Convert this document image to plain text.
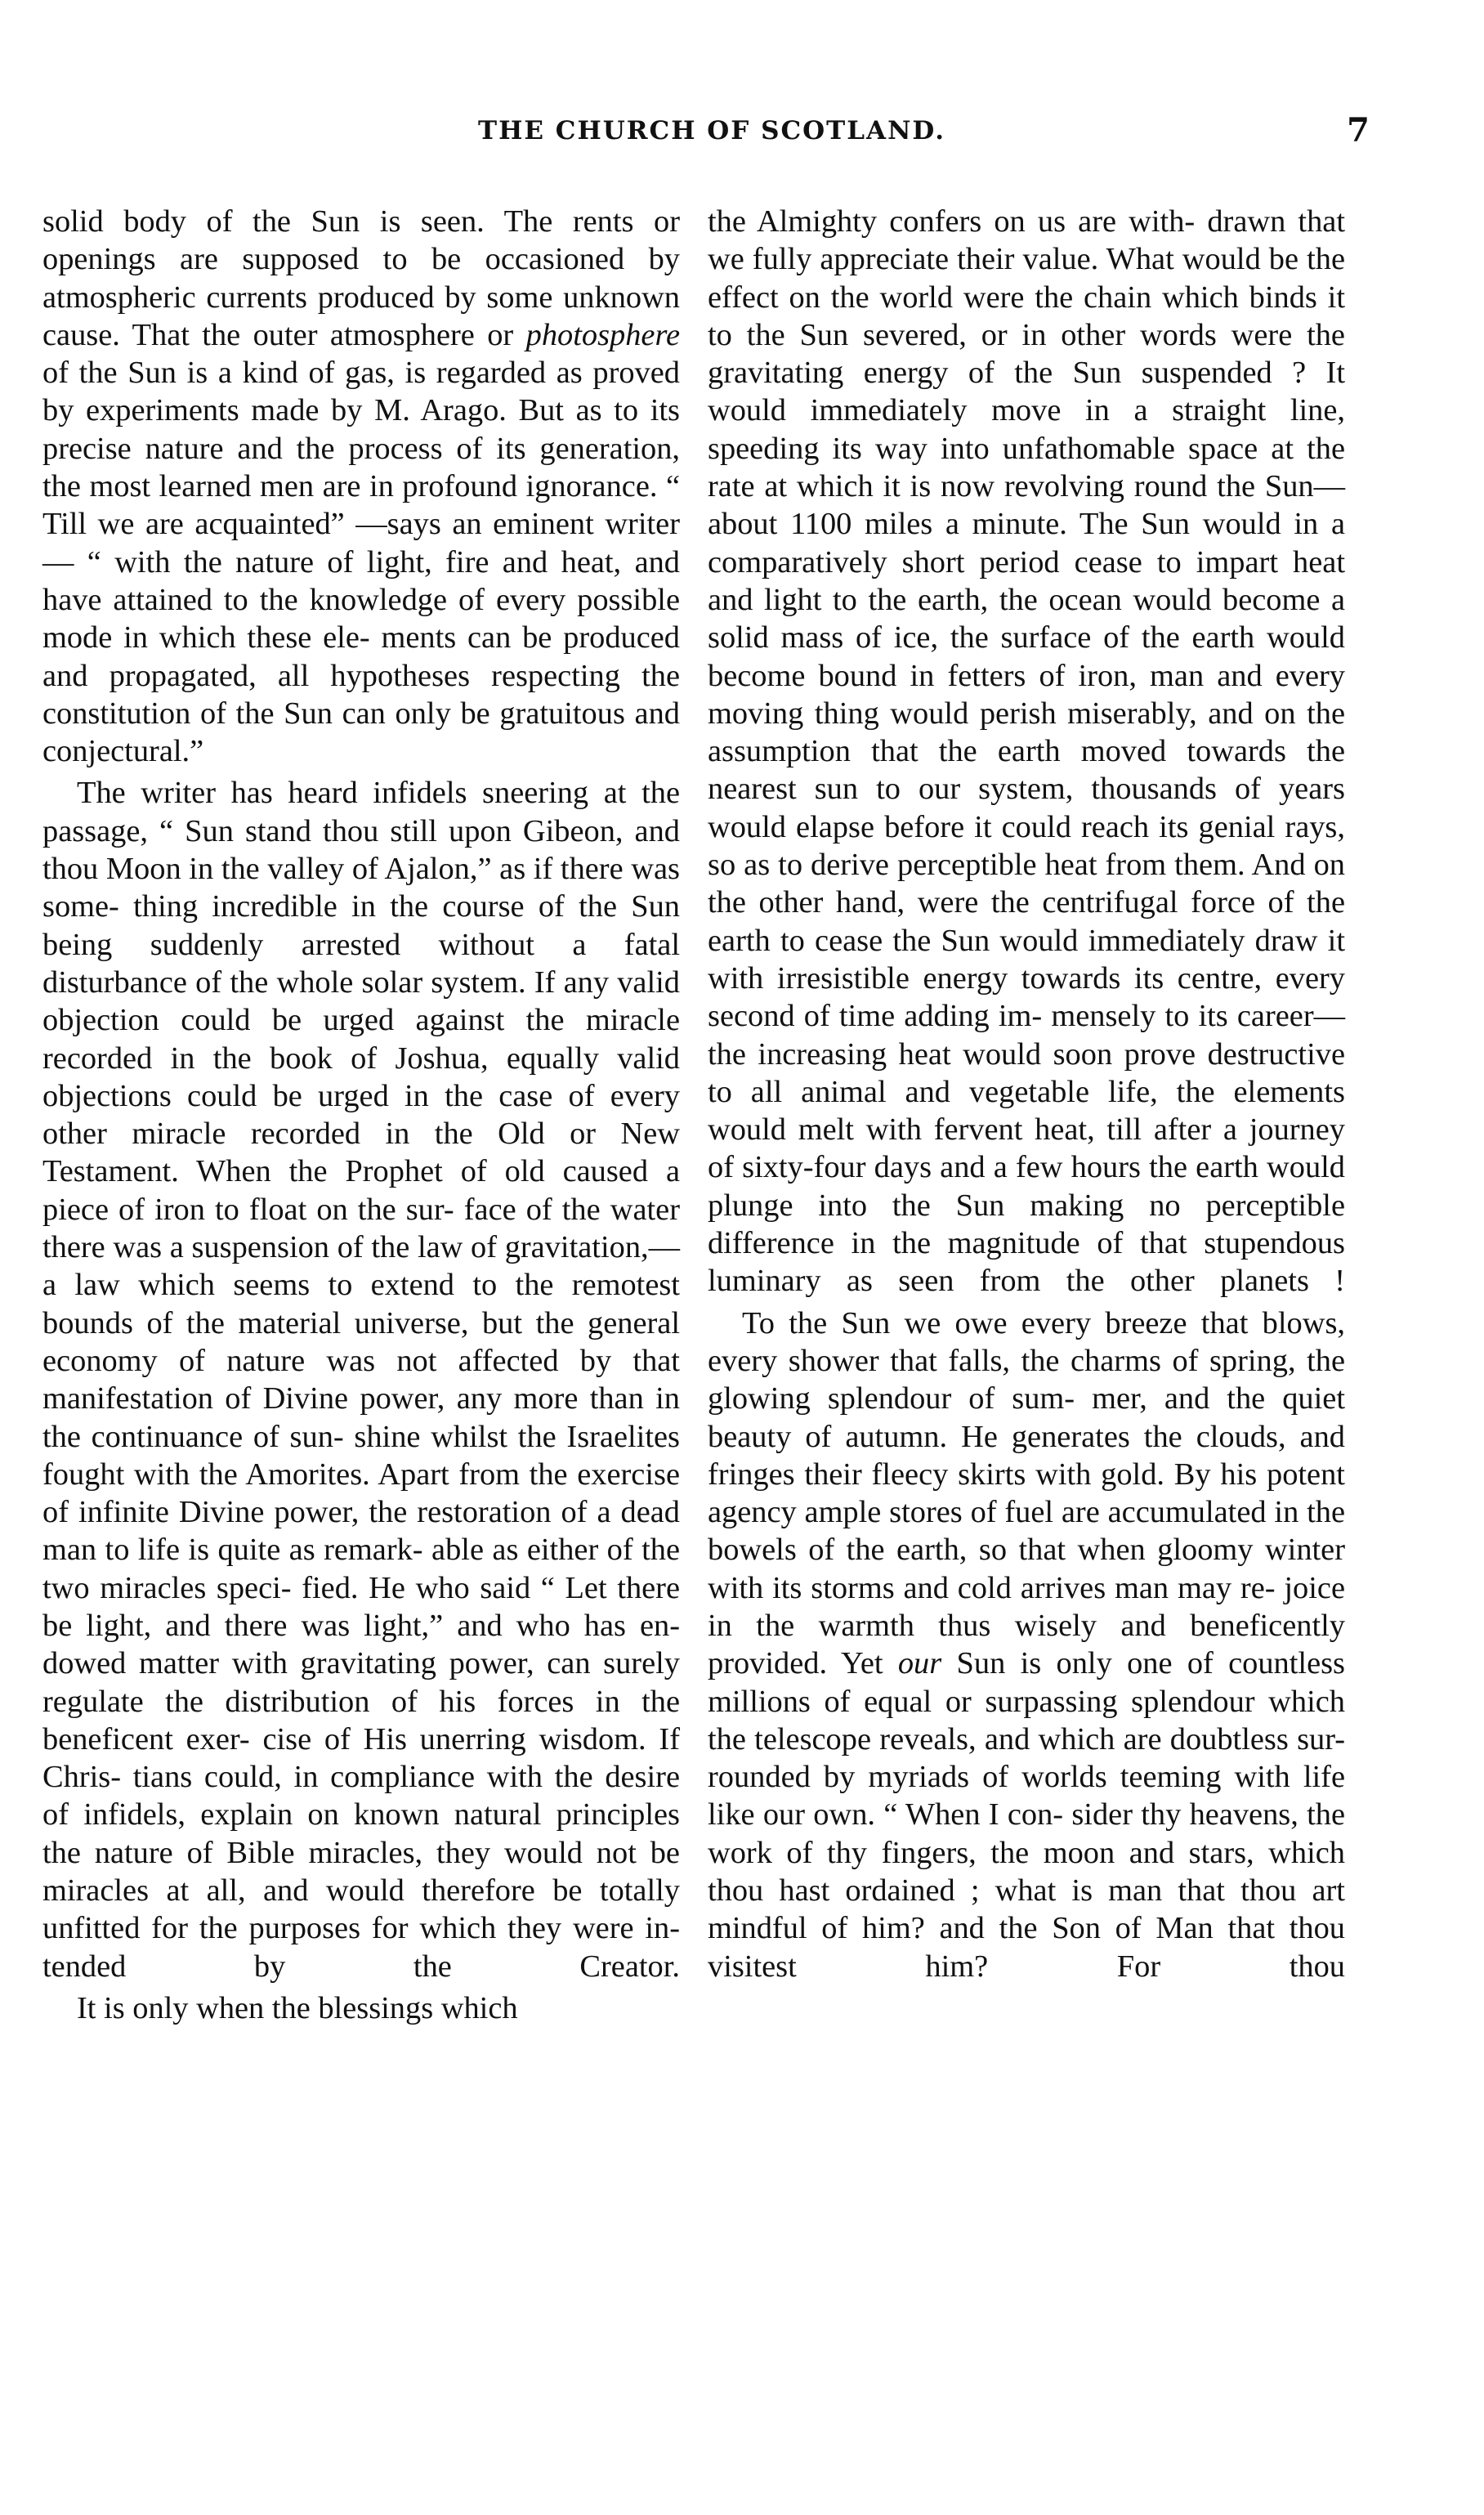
THE CHURCH OF SCOTLAND.	7

solid body of the Sun is seen. The rents or openings are supposed to be occasioned by atmospheric currents produced by some unknown cause. That the outer atmosphere or photosphere of the Sun is a kind of gas, is regarded as proved by experiments made by M. Arago. But as to its precise nature and the process of its generation, the most learned men are in profound ignorance. “ Till we are acquainted” —says an eminent writer— “ with the nature of light, fire and heat, and have attained to the knowledge of every possible mode in which these ele- ments can be produced and propagated, all hypotheses respecting the constitution of the Sun can only be gratuitous and conjectural.”

The writer has heard infidels sneering at the passage, “ Sun stand thou still upon Gibeon, and thou Moon in the valley of Ajalon,” as if there was some- thing incredible in the course of the Sun being suddenly arrested without a fatal disturbance of the whole solar system. If any valid objection could be urged against the miracle recorded in the book of Joshua, equally valid objections could be urged in the case of every other miracle recorded in the Old or New Testament. When the Prophet of old caused a piece of iron to float on the sur- face of the water there was a suspension of the law of gravitation,—a law which seems to extend to the remotest bounds of the material universe, but the general economy of nature was not affected by that manifestation of Divine power, any more than in the continuance of sun- shine whilst the Israelites fought with the Amorites. Apart from the exercise of infinite Divine power, the restoration of a dead man to life is quite as remark- able as either of the two miracles speci- fied. He who said “ Let there be light, and there was light,” and who has en- dowed matter with gravitating power, can surely regulate the distribution of his forces in the beneficent exer- cise of His unerring wisdom. If Chris- tians could, in compliance with the desire of infidels, explain on known natural principles the nature of Bible miracles, they would not be miracles at all, and would therefore be totally unfitted for the purposes for which they were in- tended by the Creator.

It is only when the blessings which

the Almighty confers on us are with- drawn that we fully appreciate their value. What would be the effect on the world were the chain which binds it to the Sun severed, or in other words were the gravitating energy of the Sun suspended ? It would immediately move in a straight line, speeding its way into unfathomable space at the rate at which it is now revolving round the Sun— about 1100 miles a minute. The Sun would in a comparatively short period cease to impart heat and light to the earth, the ocean would become a solid mass of ice, the surface of the earth would become bound in fetters of iron, man and every moving thing would perish miserably, and on the assumption that the earth moved towards the nearest sun to our system, thousands of years would elapse before it could reach its genial rays, so as to derive perceptible heat from them. And on the other hand, were the centrifugal force of the earth to cease the Sun would immediately draw it with irresistible energy towards its centre, every second of time adding im- mensely to its career—the increasing heat would soon prove destructive to all animal and vegetable life, the elements would melt with fervent heat, till after a journey of sixty-four days and a few hours the earth would plunge into the Sun making no perceptible difference in the magnitude of that stupendous luminary as seen from the other planets !

To the Sun we owe every breeze that blows, every shower that falls, the charms of spring, the glowing splendour of sum- mer, and the quiet beauty of autumn. He generates the clouds, and fringes their fleecy skirts with gold. By his potent agency ample stores of fuel are accumulated in the bowels of the earth, so that when gloomy winter with its storms and cold arrives man may re- joice in the warmth thus wisely and beneficently provided. Yet our Sun is only one of countless millions of equal or surpassing splendour which the telescope reveals, and which are doubtless sur- rounded by myriads of worlds teeming with life like our own. “ When I con- sider thy heavens, the work of thy fingers, the moon and stars, which thou hast ordained ; what is man that thou art mindful of him? and the Son of Man that thou visitest him? For thou
